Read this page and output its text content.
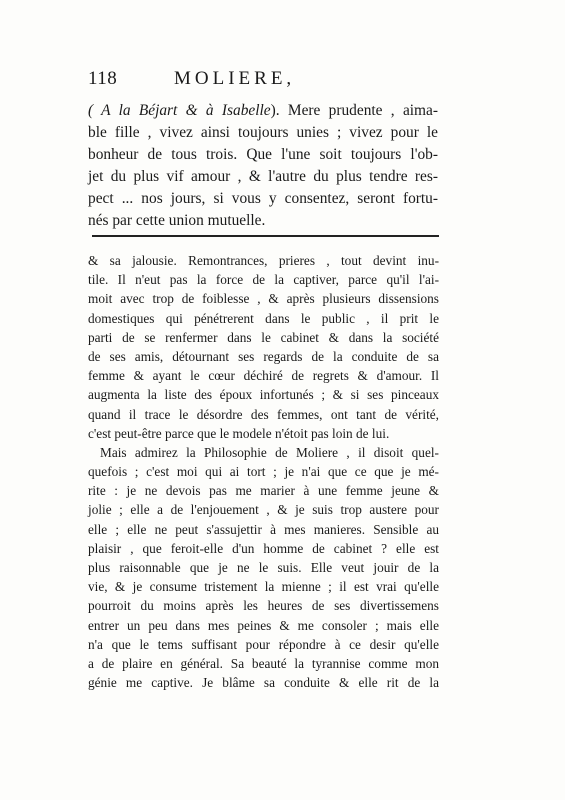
118	MOLIERE,
( A la Béjart & à Isabelle). Mere prudente , aima-
ble fille , vivez ainsi toujours unies ; vivez pour le
bonheur de tous trois. Que l'une soit toujours l'ob-
jet du plus vif amour , & l'autre du plus tendre res-
pect ... nos jours, si vous y consentez, seront fortu-
nés par cette union mutuelle.
& sa jalousie. Remontrances, prieres , tout devint inu-
tile. Il n'eut pas la force de la captiver, parce qu'il l'ai-
moit avec trop de foiblesse , & après plusieurs dissensions
domestiques qui pénétrerent dans le public , il prit le
parti de se renfermer dans le cabinet & dans la société
de ses amis, détournant ses regards de la conduite de sa
femme & ayant le cœur déchiré de regrets & d'amour. Il
augmenta la liste des époux infortunés ; & si ses pinceaux
quand il trace le désordre des femmes, ont tant de vérité,
c'est peut-être parce que le modele n'étoit pas loin de lui.
Mais admirez la Philosophie de Moliere , il disoit quel-
quefois ; c'est moi qui ai tort ; je n'ai que ce que je mé-
rite : je ne devois pas me marier à une femme jeune &
jolie ; elle a de l'enjouement , & je suis trop austere pour
elle ; elle ne peut s'assujettir à mes manieres. Sensible au
plaisir , que feroit-elle d'un homme de cabinet ? elle est
plus raisonnable que je ne le suis. Elle veut jouir de la
vie, & je consume tristement la mienne ; il est vrai qu'elle
pourroit du moins après les heures de ses divertissemens
entrer un peu dans mes peines & me consoler ; mais elle
n'a que le tems suffisant pour répondre à ce desir qu'elle
a de plaire en général. Sa beauté la tyrannise comme mon
génie me captive. Je blâme sa conduite & elle rit de la
